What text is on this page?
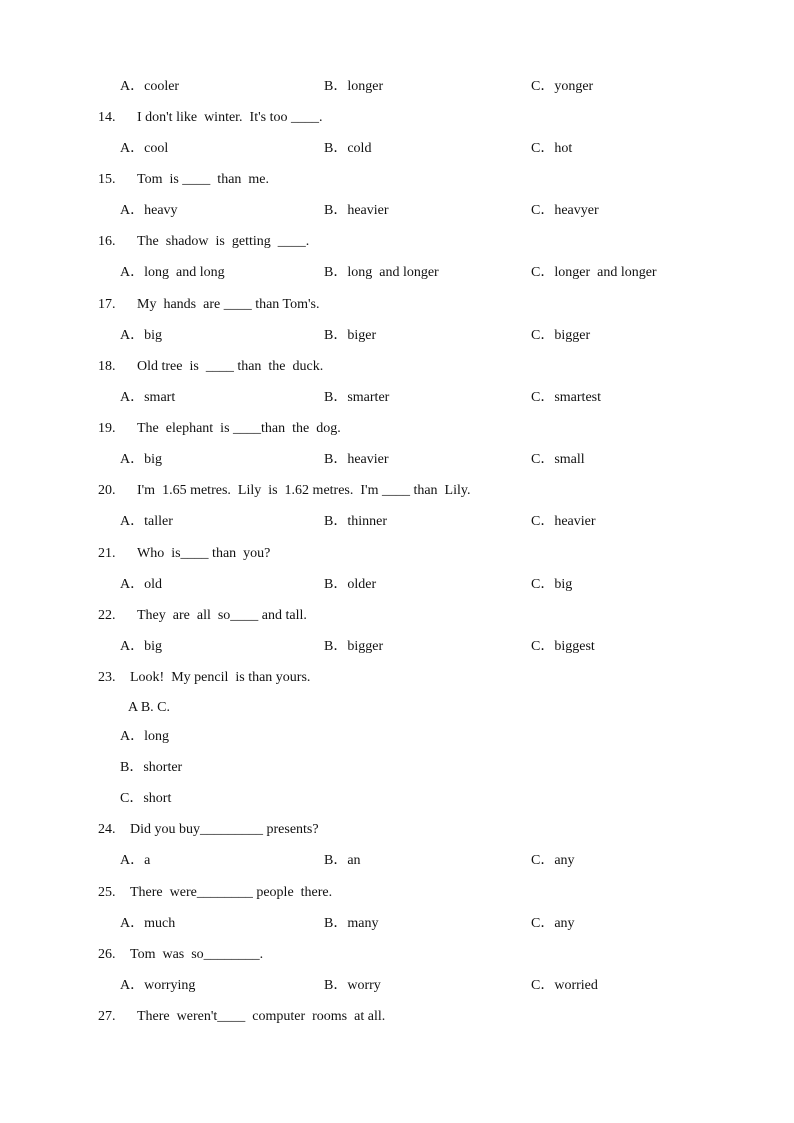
A．cooler	B．longer	C．yonger
14. I don't like  winter.  It's too ____.
A．cool	B．cold	C．hot
15. Tom  is ____  than  me.
A．heavy	B．heavier	C．heavyer
16. The  shadow  is  getting  ____.
A．long  and long	B．long  and longer	C．longer  and longer
17. My  hands  are ____ than Tom's.
A．big	B．biger	C．bigger
18. Old tree  is  ____ than  the  duck.
A．smart	B．smarter	C．smartest
19. The  elephant  is ____than  the  dog.
A．big	B．heavier	C．small
20. I'm  1.65 metres.  Lily  is  1.62 metres.  I'm ____ than  Lily.
A．taller	B．thinner	C．heavier
21. Who  is____ than  you?
A．old	B．older	C．big
22. They  are  all  so____ and tall.
A．big	B．bigger	C．biggest
23. Look!  My pencil  is than yours.
A B. C.
A．long
B．shorter
C．short
24. Did you buy_________ presents?
A．a	B．an	C．any
25. There  were________ people  there.
A．much	B．many	C．any
26. Tom  was  so________.
A．worrying	B．worry	C．worried
27. There  weren't____  computer  rooms  at all.
